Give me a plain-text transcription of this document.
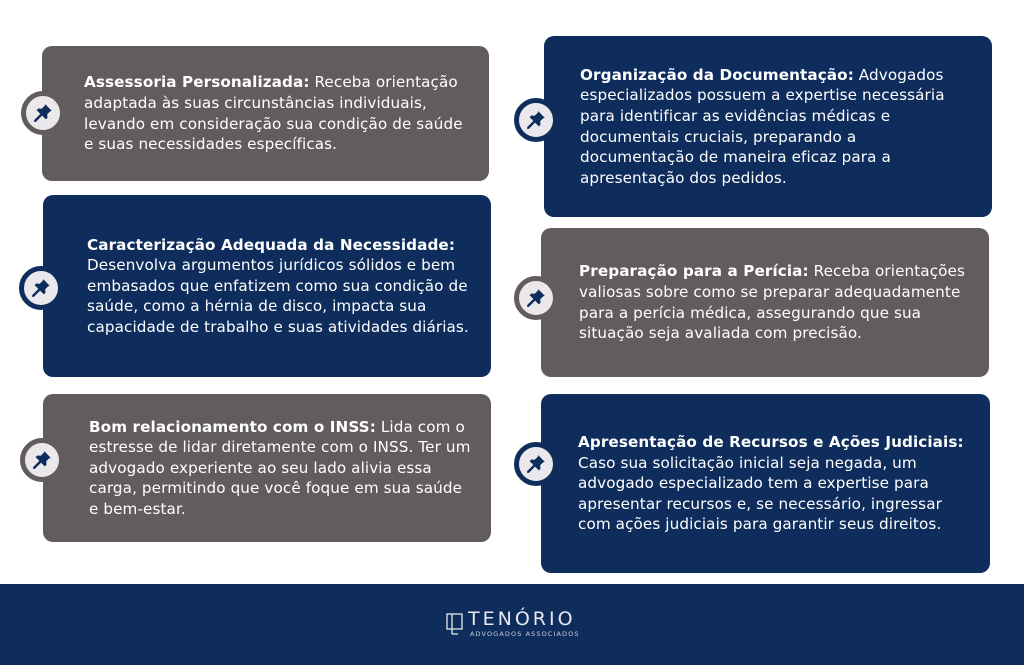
Assessoria Personalizada: Receba orientação adaptada às suas circunstâncias individuais, levando em consideração sua condição de saúde e suas necessidades específicas.

Organização da Documentação: Advogados especializados possuem a expertise necessária para identificar as evidências médicas e documentais cruciais, preparando a documentação de maneira eficaz para a apresentação dos pedidos.

Caracterização Adequada da Necessidade: Desenvolva argumentos jurídicos sólidos e bem embasados que enfatizem como sua condição de saúde, como a hérnia de disco, impacta sua capacidade de trabalho e suas atividades diárias.

Preparação para a Perícia: Receba orientações valiosas sobre como se preparar adequadamente para a perícia médica, assegurando que sua situação seja avaliada com precisão.

Bom relacionamento com o INSS: Lida com o estresse de lidar diretamente com o INSS. Ter um advogado experiente ao seu lado alivia essa carga, permitindo que você foque em sua saúde e bem-estar.

Apresentação de Recursos e Ações Judiciais: Caso sua solicitação inicial seja negada, um advogado especializado tem a expertise para apresentar recursos e, se necessário, ingressar com ações judiciais para garantir seus direitos.

TENÓRIO
ADVOGADOS ASSOCIADOS
